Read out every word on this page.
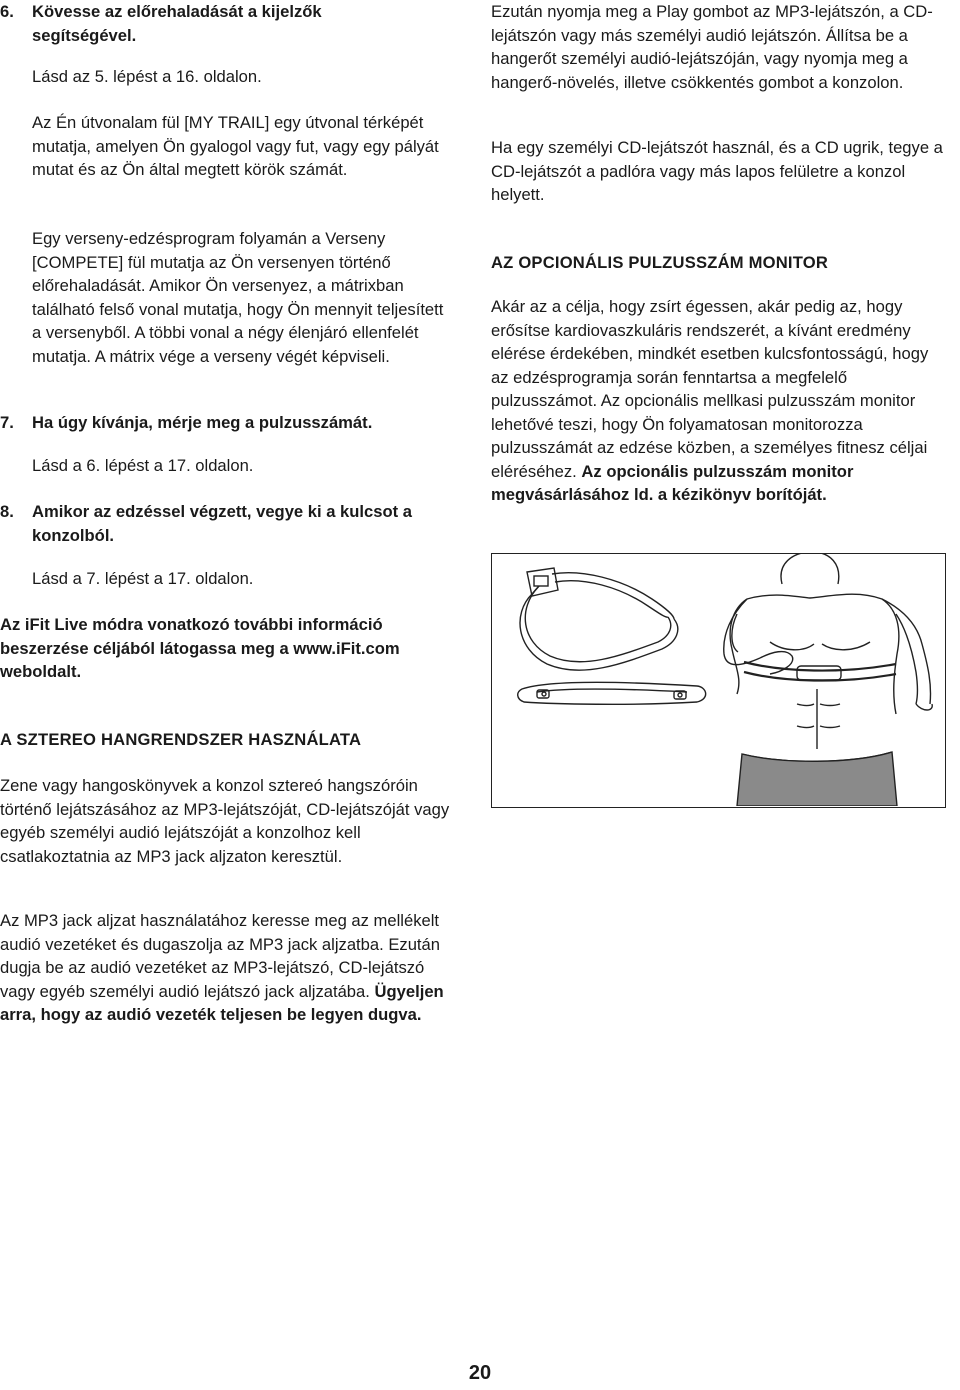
6. Kövesse az előrehaladását a kijelzők segítségével.

Lásd az 5. lépést a 16. oldalon.

Az Én útvonalam fül [MY TRAIL] egy útvonal térképét mutatja, amelyen Ön gyalogol vagy fut, vagy egy pályát mutat és az Ön által megtett körök számát.

Egy verseny-edzésprogram folyamán a Verseny [COMPETE] fül mutatja az Ön versenyen történő előrehaladását. Amikor Ön versenyez, a mátrixban található felső vonal mutatja, hogy Ön mennyit teljesített a versenyből. A többi vonal a négy élenjáró ellenfelét mutatja. A mátrix vége a verseny végét képviseli.

7. Ha úgy kívánja, mérje meg a pulzusszámát.

Lásd a 6. lépést a 17. oldalon.

8. Amikor az edzéssel végzett, vegye ki a kulcsot a konzolból.

Lásd a 7. lépést a 17. oldalon.

Az iFit Live módra vonatkozó további információ beszerzése céljából látogassa meg a www.iFit.com weboldalt.

A SZTEREO HANGRENDSZER HASZNÁLATA

Zene vagy hangoskönyvek a konzol sztereó hangszóróin történő lejátszásához az MP3-lejátszóját, CD-lejátszóját vagy egyéb személyi audió lejátszóját a konzolhoz kell csatlakoztatnia az MP3 jack aljzaton keresztül.

Az MP3 jack aljzat használatához keresse meg az mellékelt audió vezetéket és dugaszolja az MP3 jack aljzatba. Ezután dugja be az audió vezetéket az MP3-lejátszó, CD-lejátszó vagy egyéb személyi audió lejátszó jack aljzatába. Ügyeljen arra, hogy az audió vezeték teljesen be legyen dugva.

Ezután nyomja meg a Play gombot az MP3-lejátszón, a CD-lejátszón vagy más személyi audió lejátszón. Állítsa be a hangerőt személyi audió-lejátszóján, vagy nyomja meg a hangerő-növelés, illetve csökkentés gombot a konzolon.

Ha egy személyi CD-lejátszót használ, és a CD ugrik, tegye a CD-lejátszót a padlóra vagy más lapos felületre a konzol helyett.

AZ OPCIONÁLIS PULZUSSZÁM MONITOR

Akár az a célja, hogy zsírt égessen, akár pedig az, hogy erősítse kardiovaszkuláris rendszerét, a kívánt eredmény elérése érdekében, mindkét esetben kulcsfontosságú, hogy az edzésprogramja során fenntartsa a megfelelő pulzusszámot. Az opcionális mellkasi pulzusszám monitor lehetővé teszi, hogy Ön folyamatosan monitorozza pulzusszámát az edzése közben, a személyes fitnesz céljai eléréséhez. Az opcionális pulzusszám monitor megvásárlásához ld. a kézikönyv borítóját.

20
